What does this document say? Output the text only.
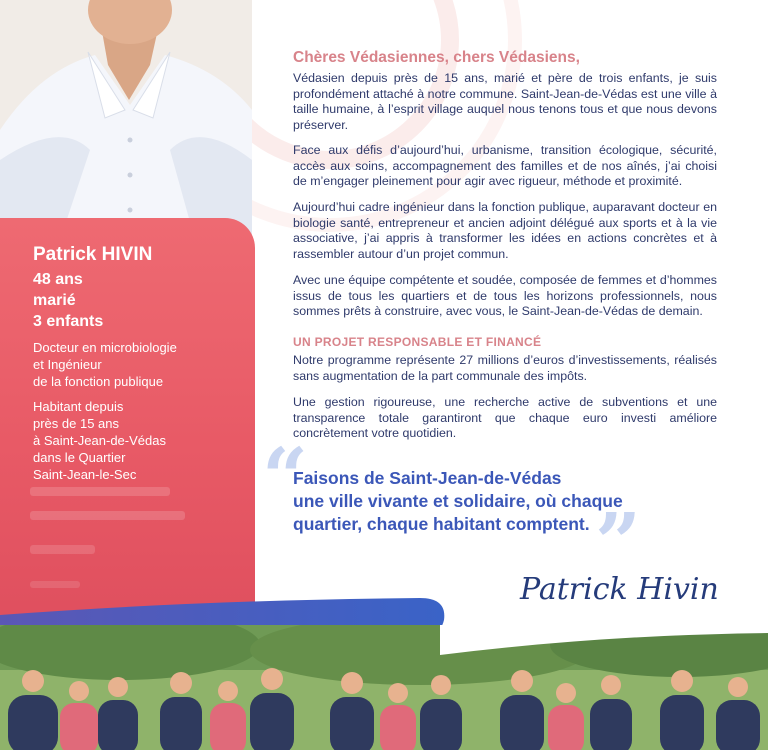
Patrick HIVIN
48 ans
marié
3 enfants
Docteur en microbiologie
et Ingénieur
de la fonction publique
Habitant depuis
près de 15 ans
à Saint-Jean-de-Védas
dans le Quartier
Saint-Jean-le-Sec
Chères Védasiennes, chers Védasiens,
Védasien depuis près de 15 ans, marié et père de trois enfants, je suis profondément attaché à notre commune. Saint-Jean-de-Védas est une ville à taille humaine, à l’esprit village auquel nous tenons tous et que nous devons préserver.
Face aux défis d’aujourd’hui, urbanisme, transition écologique, sécurité, accès aux soins, accompagnement des familles et de nos aînés, j’ai choisi de m’engager pleinement pour agir avec rigueur, méthode et proximité.
Aujourd’hui cadre ingénieur dans la fonction publique, auparavant docteur en biologie santé, entrepreneur et ancien adjoint délégué aux sports et à la vie associative, j’ai appris à transformer les idées en actions concrètes et à rassembler autour d’un projet commun.
Avec une équipe compétente et soudée, composée de femmes et d’hommes issus de tous les quartiers et de tous les horizons professionnels, nous sommes prêts à construire, avec vous, le Saint-Jean-de-Védas de demain.
UN PROJET RESPONSABLE ET FINANCÉ
Notre programme représente 27 millions d’euros d’investissements, réalisés sans augmentation de la part communale des impôts.
Une gestion rigoureuse, une recherche active de subventions et une transparence totale garantiront que chaque euro investi améliore concrètement votre quotidien.
“
Faisons de Saint-Jean-de-Védas
une ville vivante et solidaire, où chaque
quartier, chaque habitant comptent. ”
Patrick Hivin
